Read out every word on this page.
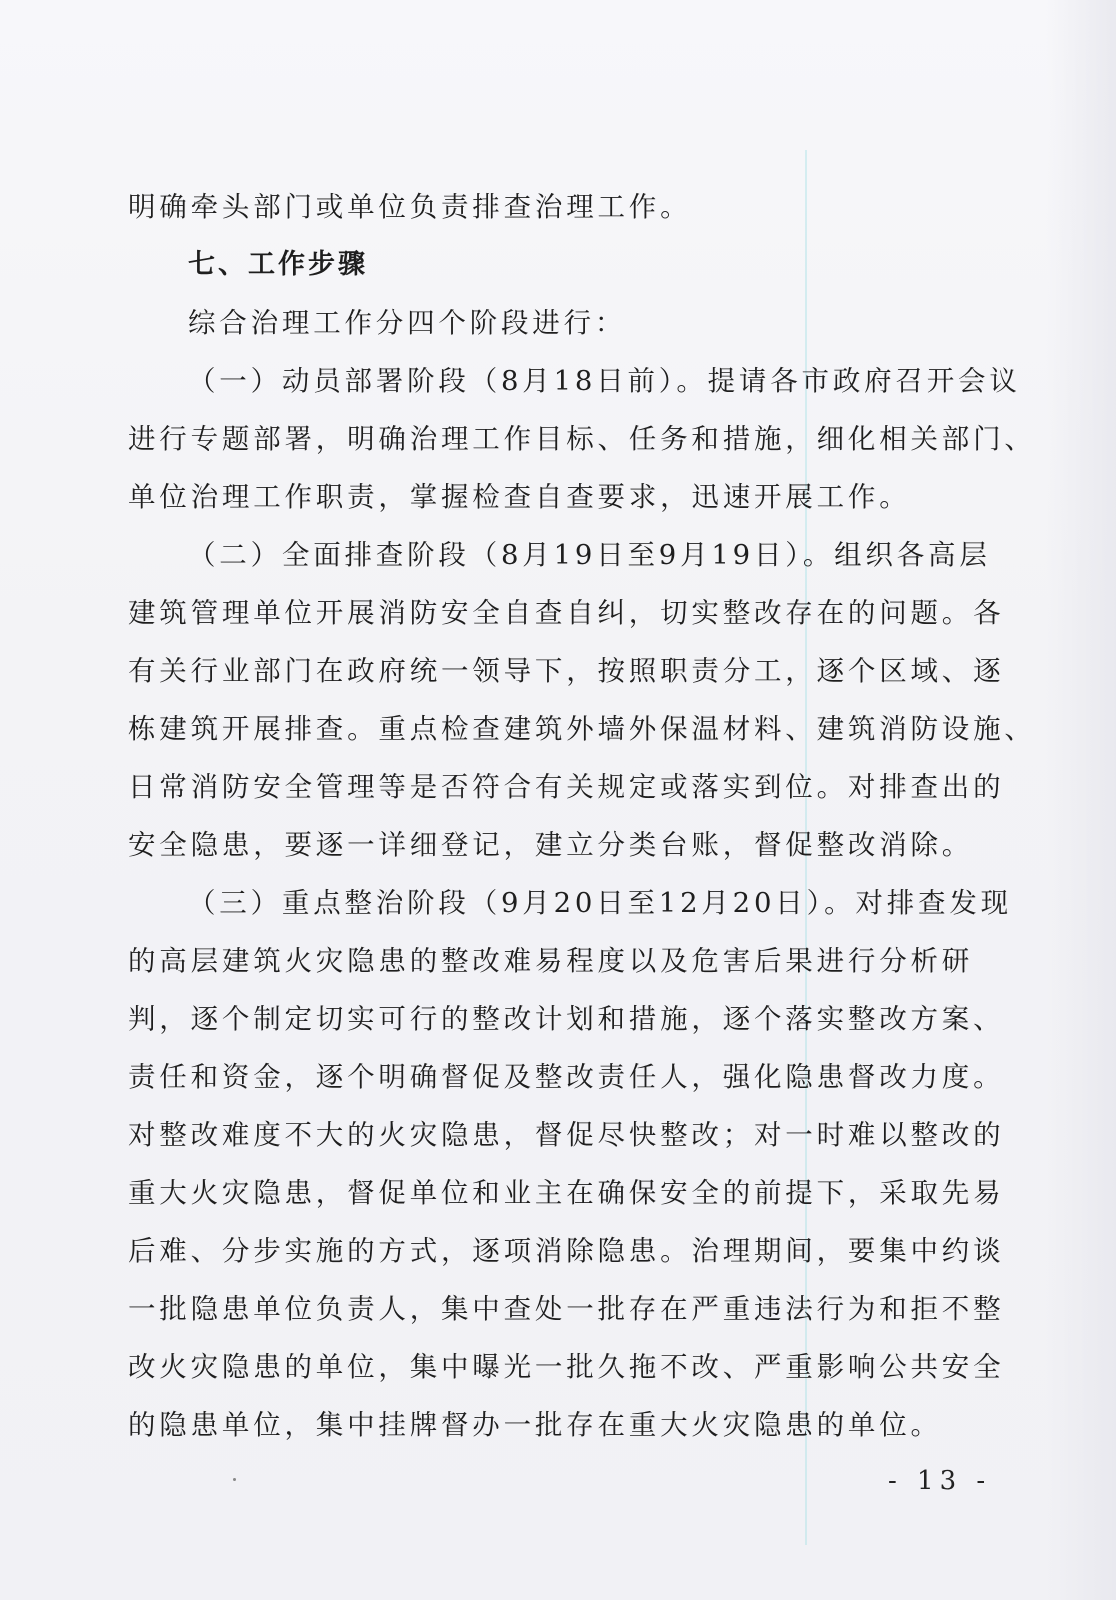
明确牵头部门或单位负责排查治理工作。
七、工作步骤
综合治理工作分四个阶段进行：
（一）动员部署阶段（8月18日前）。提请各市政府召开会议
进行专题部署，明确治理工作目标、任务和措施，细化相关部门、
单位治理工作职责，掌握检查自查要求，迅速开展工作。
（二）全面排查阶段（8月19日至9月19日）。组织各高层
建筑管理单位开展消防安全自查自纠，切实整改存在的问题。各
有关行业部门在政府统一领导下，按照职责分工，逐个区域、逐
栋建筑开展排查。重点检查建筑外墙外保温材料、建筑消防设施、
日常消防安全管理等是否符合有关规定或落实到位。对排查出的
安全隐患，要逐一详细登记，建立分类台账，督促整改消除。
（三）重点整治阶段（9月20日至12月20日）。对排查发现
的高层建筑火灾隐患的整改难易程度以及危害后果进行分析研
判，逐个制定切实可行的整改计划和措施，逐个落实整改方案、
责任和资金，逐个明确督促及整改责任人，强化隐患督改力度。
对整改难度不大的火灾隐患，督促尽快整改；对一时难以整改的
重大火灾隐患，督促单位和业主在确保安全的前提下，采取先易
后难、分步实施的方式，逐项消除隐患。治理期间，要集中约谈
一批隐患单位负责人，集中查处一批存在严重违法行为和拒不整
改火灾隐患的单位，集中曝光一批久拖不改、严重影响公共安全
的隐患单位，集中挂牌督办一批存在重大火灾隐患的单位。
- 13 -
